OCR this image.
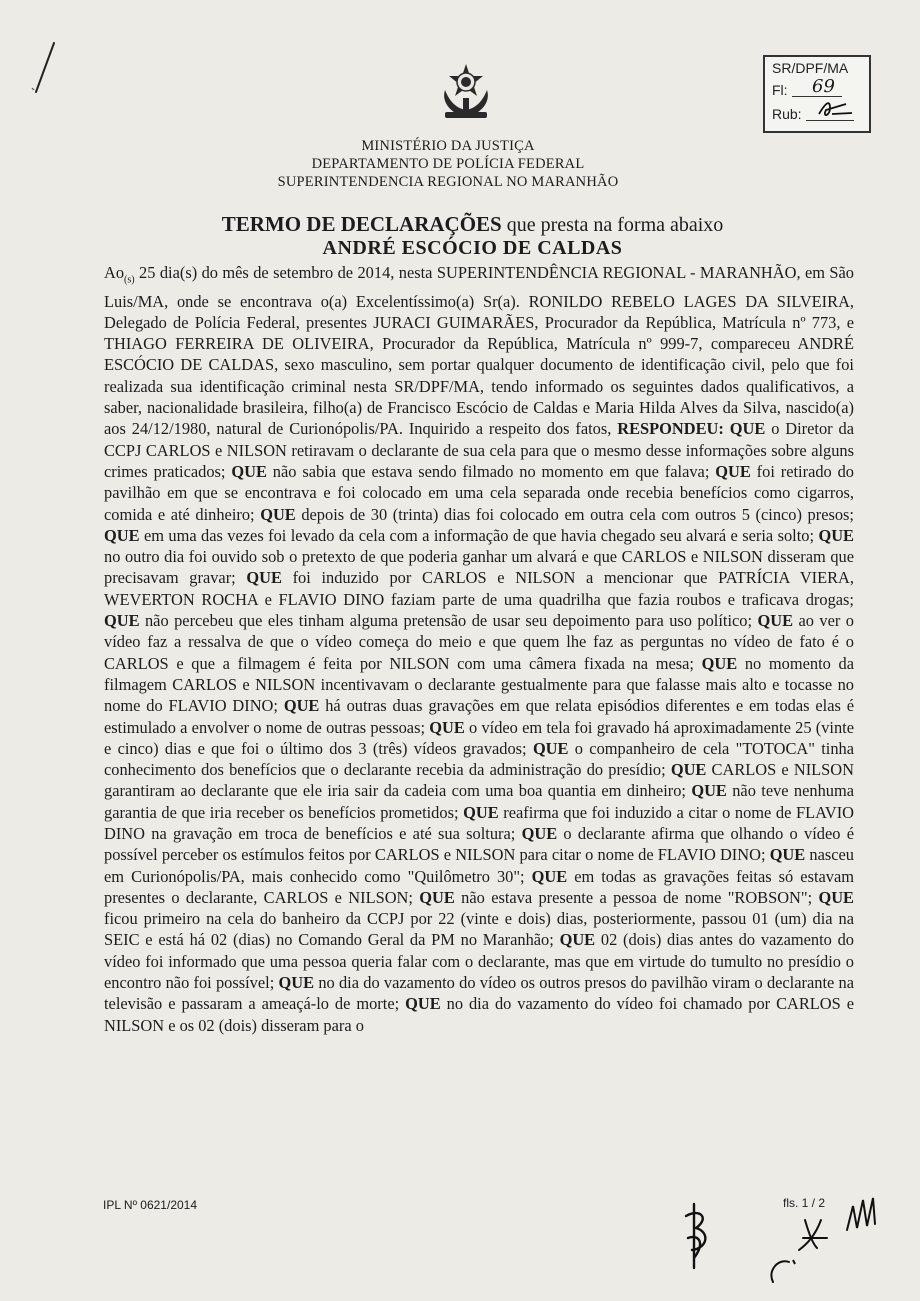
SR/DPF/MA
Fl: 69
Rub:
MINISTÉRIO DA JUSTIÇA
DEPARTAMENTO DE POLÍCIA FEDERAL
SUPERINTENDENCIA REGIONAL NO MARANHÃO
TERMO DE DECLARAÇÕES que presta na forma abaixo
ANDRÉ ESCÓCIO DE CALDAS
$Ao_{(s)}$ 25 dia(s) do mês de setembro de 2014, nesta SUPERINTENDÊNCIA REGIONAL - MARANHÃO, em São Luis/MA, onde se encontrava o(a) Excelentíssimo(a) Sr(a). RONILDO REBELO LAGES DA SILVEIRA, Delegado de Polícia Federal, presentes JURACI GUIMARÃES, Procurador da República, Matrícula nº 773, e THIAGO FERREIRA DE OLIVEIRA, Procurador da República, Matrícula nº 999-7, compareceu ANDRÉ ESCÓCIO DE CALDAS, sexo masculino, sem portar qualquer documento de identificação civil, pelo que foi realizada sua identificação criminal nesta SR/DPF/MA, tendo informado os seguintes dados qualificativos, a saber, nacionalidade brasileira, filho(a) de Francisco Escócio de Caldas e Maria Hilda Alves da Silva, nascido(a) aos 24/12/1980, natural de Curionópolis/PA. Inquirido a respeito dos fatos, RESPONDEU: QUE o Diretor da CCPJ CARLOS e NILSON retiravam o declarante de sua cela para que o mesmo desse informações sobre alguns crimes praticados; QUE não sabia que estava sendo filmado no momento em que falava; QUE foi retirado do pavilhão em que se encontrava e foi colocado em uma cela separada onde recebia benefícios como cigarros, comida e até dinheiro; QUE depois de 30 (trinta) dias foi colocado em outra cela com outros 5 (cinco) presos; QUE em uma das vezes foi levado da cela com a informação de que havia chegado seu alvará e seria solto; QUE no outro dia foi ouvido sob o pretexto de que poderia ganhar um alvará e que CARLOS e NILSON disseram que precisavam gravar; QUE foi induzido por CARLOS e NILSON a mencionar que PATRÍCIA VIERA, WEVERTON ROCHA e FLAVIO DINO faziam parte de uma quadrilha que fazia roubos e traficava drogas; QUE não percebeu que eles tinham alguma pretensão de usar seu depoimento para uso político; QUE ao ver o vídeo faz a ressalva de que o vídeo começa do meio e que quem lhe faz as perguntas no vídeo de fato é o CARLOS e que a filmagem é feita por NILSON com uma câmera fixada na mesa; QUE no momento da filmagem CARLOS e NILSON incentivavam o declarante gestualmente para que falasse mais alto e tocasse no nome do FLAVIO DINO; QUE há outras duas gravações em que relata episódios diferentes e em todas elas é estimulado a envolver o nome de outras pessoas; QUE o vídeo em tela foi gravado há aproximadamente 25 (vinte e cinco) dias e que foi o último dos 3 (três) vídeos gravados; QUE o companheiro de cela "TOTOCA" tinha conhecimento dos benefícios que o declarante recebia da administração do presídio; QUE CARLOS e NILSON garantiram ao declarante que ele iria sair da cadeia com uma boa quantia em dinheiro; QUE não teve nenhuma garantia de que iria receber os benefícios prometidos; QUE reafirma que foi induzido a citar o nome de FLAVIO DINO na gravação em troca de benefícios e até sua soltura; QUE o declarante afirma que olhando o vídeo é possível perceber os estímulos feitos por CARLOS e NILSON para citar o nome de FLAVIO DINO; QUE nasceu em Curionópolis/PA, mais conhecido como "Quilômetro 30"; QUE em todas as gravações feitas só estavam presentes o declarante, CARLOS e NILSON; QUE não estava presente a pessoa de nome "ROBSON"; QUE ficou primeiro na cela do banheiro da CCPJ por 22 (vinte e dois) dias, posteriormente, passou 01 (um) dia na SEIC e está há 02 (dias) no Comando Geral da PM no Maranhão; QUE 02 (dois) dias antes do vazamento do vídeo foi informado que uma pessoa queria falar com o declarante, mas que em virtude do tumulto no presídio o encontro não foi possível; QUE no dia do vazamento do vídeo os outros presos do pavilhão viram o declarante na televisão e passaram a ameaçá-lo de morte; QUE no dia do vazamento do vídeo foi chamado por CARLOS e NILSON e os 02 (dois) disseram para o
IPL Nº 0621/2014	fls. 1 / 2
